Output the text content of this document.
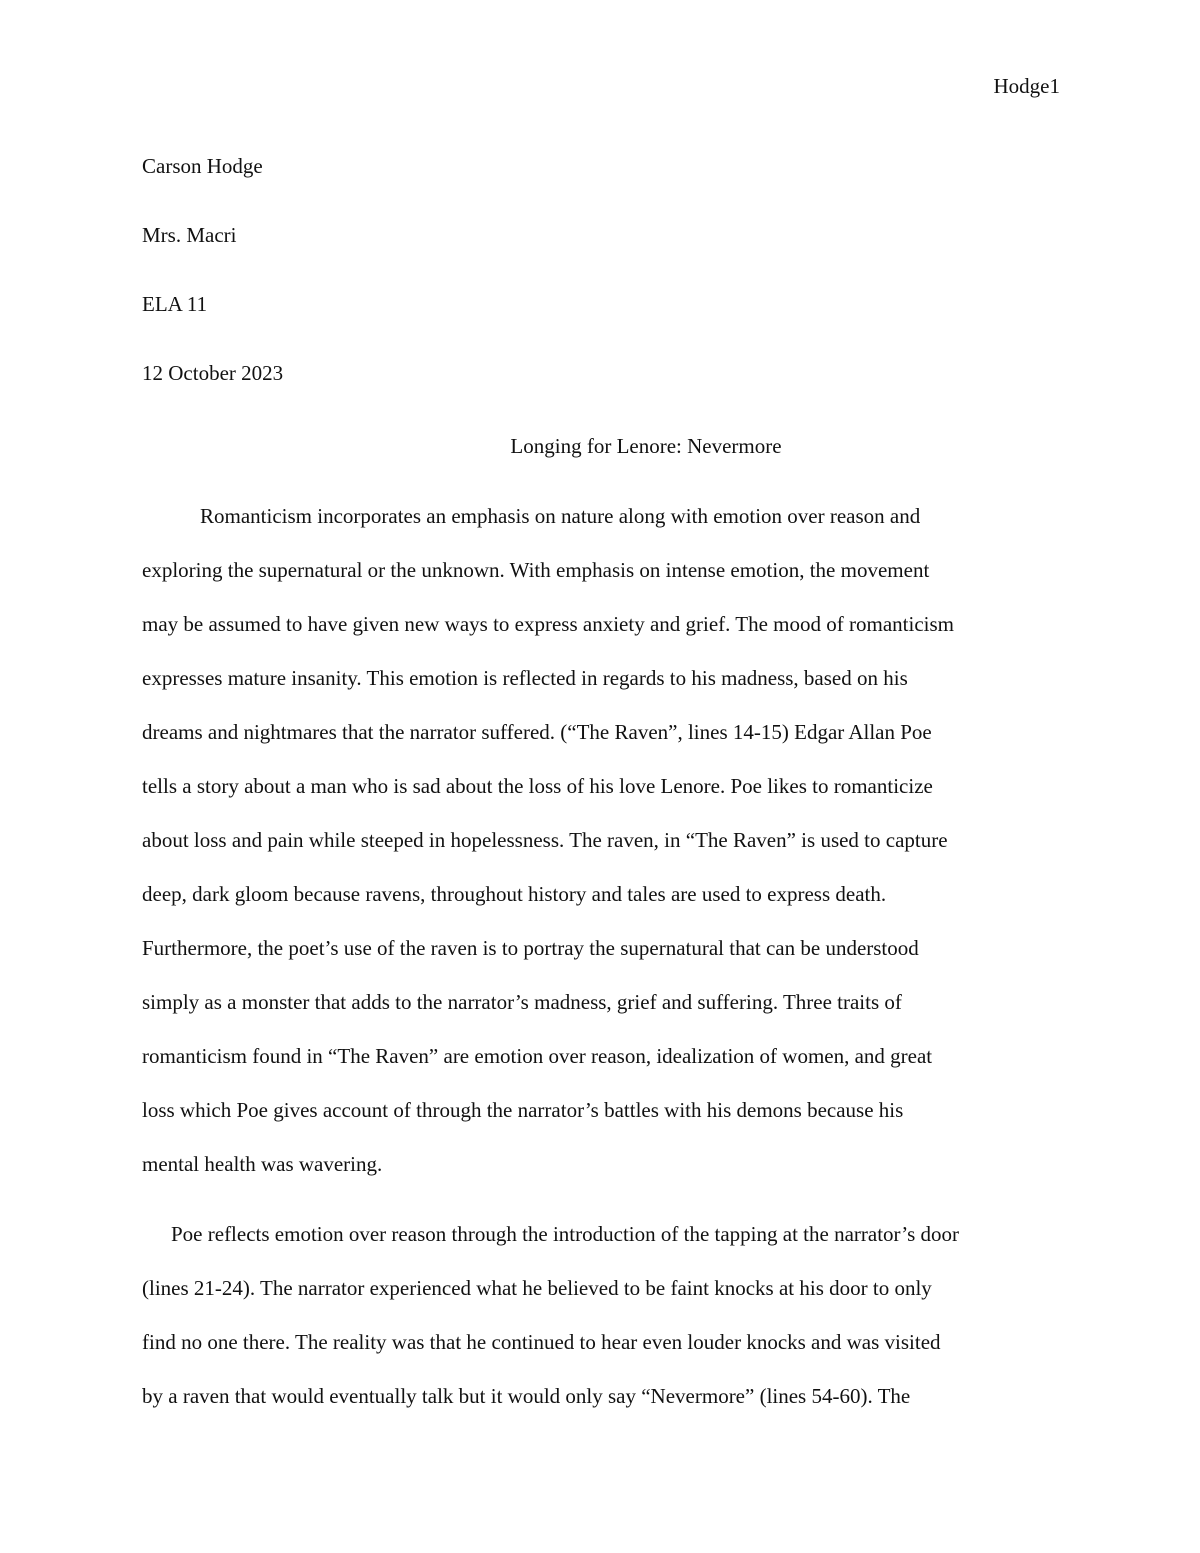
Hodge1
Carson Hodge
Mrs. Macri
ELA 11
12 October 2023
Longing for Lenore: Nevermore
Romanticism incorporates an emphasis on nature along with emotion over reason and
exploring the supernatural or the unknown. With emphasis on intense emotion, the movement
may be assumed to have given new ways to express anxiety and grief. The mood of romanticism
expresses mature insanity. This emotion is reflected in regards to his madness, based on his
dreams and nightmares that the narrator suffered. (“The Raven”, lines 14-15) Edgar Allan Poe
tells a story about a man who is sad about the loss of his love Lenore. Poe likes to romanticize
about loss and pain while steeped in hopelessness. The raven, in “The Raven” is used to capture
deep, dark gloom because ravens, throughout history and tales are used to express death.
Furthermore, the poet’s use of the raven is to portray the supernatural that can be understood
simply as a monster that adds to the narrator’s madness, grief and suffering. Three traits of
romanticism found in “The Raven” are emotion over reason, idealization of women, and great
loss which Poe gives account of through the narrator’s battles with his demons because his
mental health was wavering.
Poe reflects emotion over reason through the introduction of the tapping at the narrator’s door
(lines 21-24). The narrator experienced what he believed to be faint knocks at his door to only
find no one there. The reality was that he continued to hear even louder knocks and was visited
by a raven that would eventually talk but it would only say “Nevermore” (lines 54-60). The
